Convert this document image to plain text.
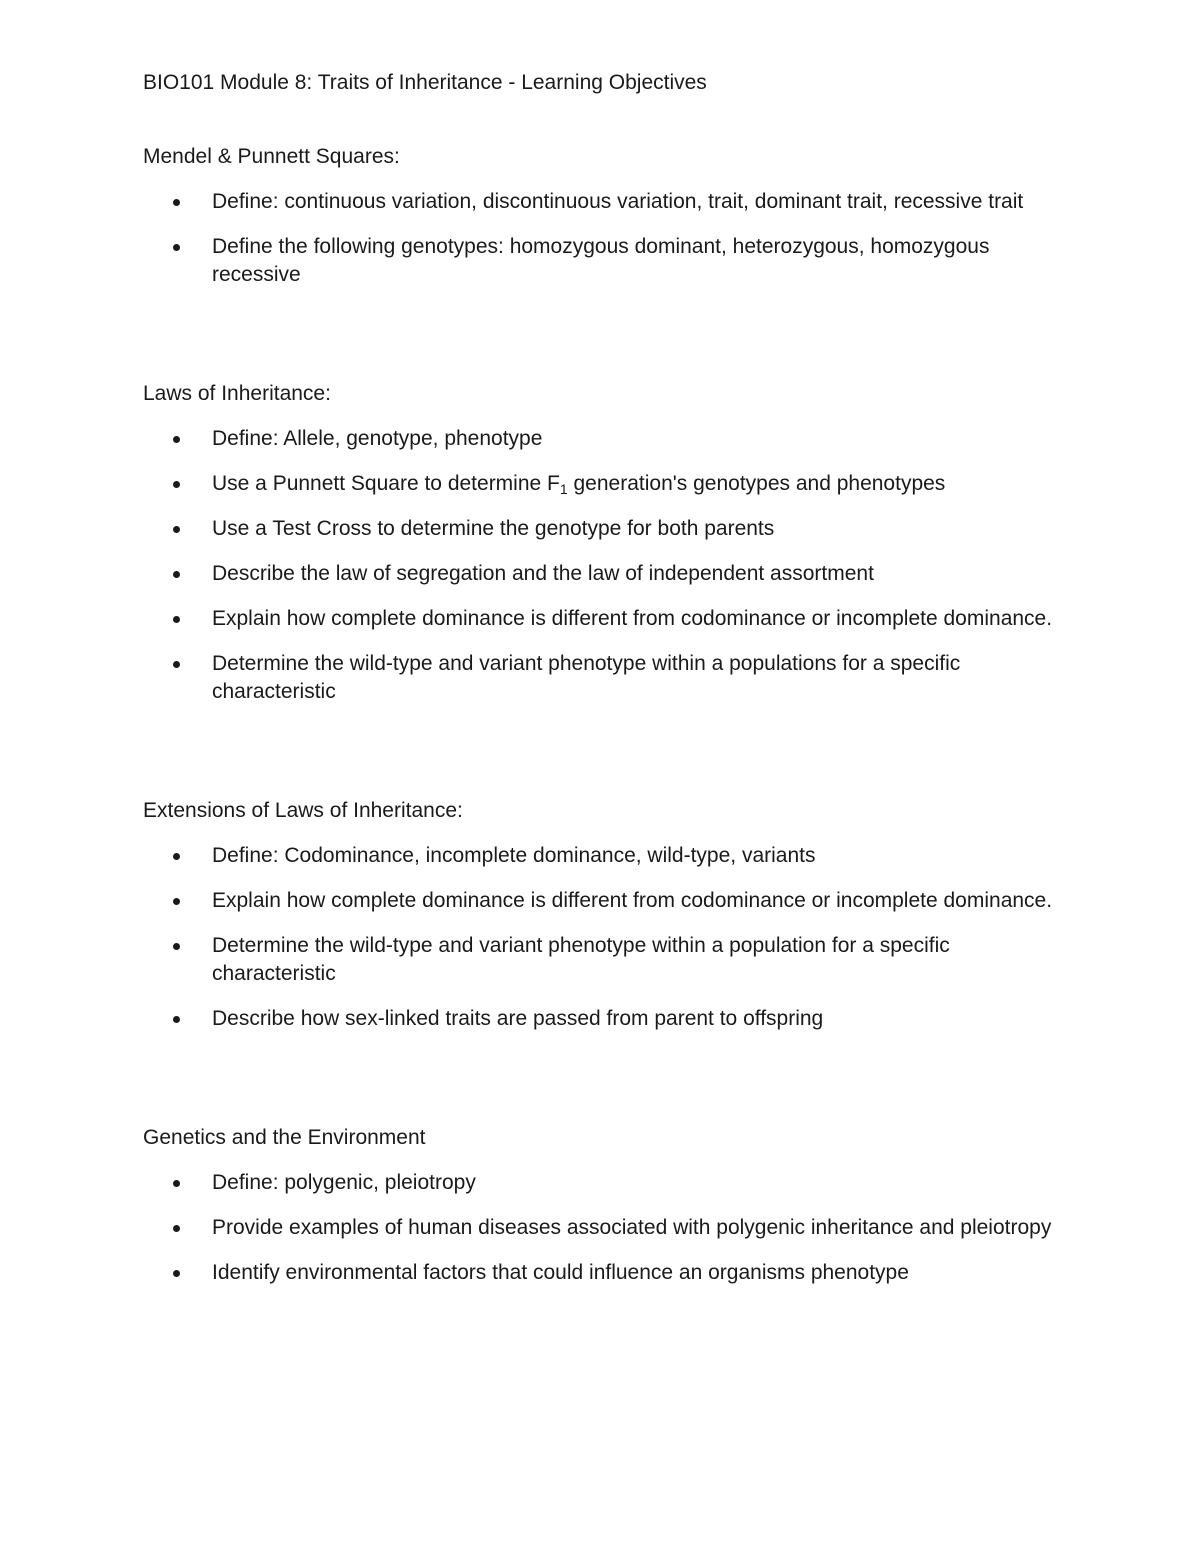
BIO101 Module 8: Traits of Inheritance - Learning Objectives
Mendel & Punnett Squares:
Define: continuous variation, discontinuous variation, trait, dominant trait, recessive trait
Define the following genotypes: homozygous dominant, heterozygous, homozygous recessive
Laws of Inheritance:
Define: Allele, genotype, phenotype
Use a Punnett Square to determine $F_1$ generation's genotypes and phenotypes
Use a Test Cross to determine the genotype for both parents
Describe the law of segregation and the law of independent assortment
Explain how complete dominance is different from codominance or incomplete dominance.
Determine the wild-type and variant phenotype within a populations for a specific characteristic
Extensions of Laws of Inheritance:
Define: Codominance, incomplete dominance, wild-type, variants
Explain how complete dominance is different from codominance or incomplete dominance.
Determine the wild-type and variant phenotype within a population for a specific characteristic
Describe how sex-linked traits are passed from parent to offspring
Genetics and the Environment
Define: polygenic, pleiotropy
Provide examples of human diseases associated with polygenic inheritance and pleiotropy
Identify environmental factors that could influence an organisms phenotype
